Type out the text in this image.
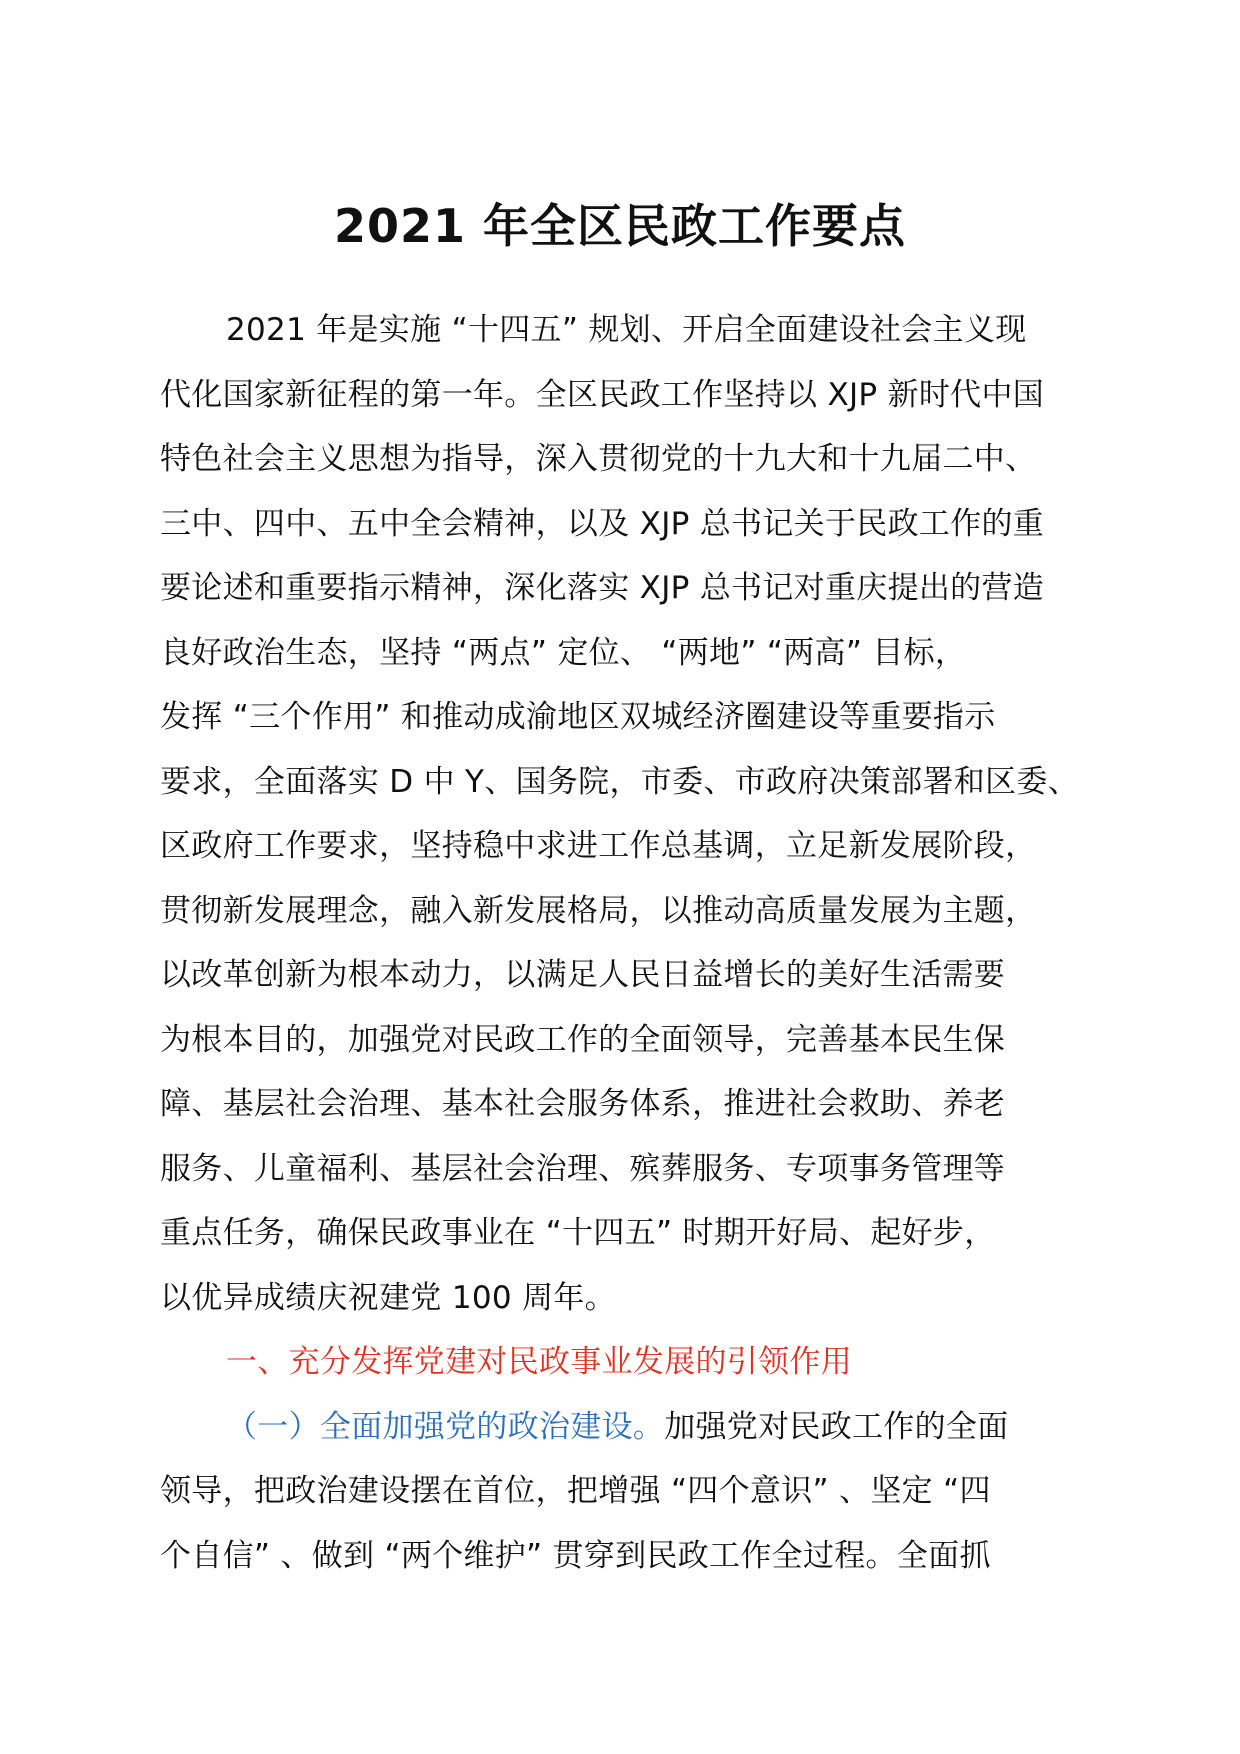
2021 年全区民政工作要点
2021 年是实施 “十四五” 规划、开启全面建设社会主义现
代化国家新征程的第一年。全区民政工作坚持以 XJP 新时代中国
特色社会主义思想为指导，深入贯彻党的十九大和十九届二中、
三中、四中、五中全会精神，以及 XJP 总书记关于民政工作的重
要论述和重要指示精神，深化落实 XJP 总书记对重庆提出的营造
良好政治生态，坚持 “两点” 定位、 “两地” “两高” 目标，
发挥 “三个作用” 和推动成渝地区双城经济圈建设等重要指示
要求，全面落实 D 中 Y、国务院，市委、市政府决策部署和区委、
区政府工作要求，坚持稳中求进工作总基调，立足新发展阶段，
贯彻新发展理念，融入新发展格局，以推动高质量发展为主题，
以改革创新为根本动力，以满足人民日益增长的美好生活需要
为根本目的，加强党对民政工作的全面领导，完善基本民生保
障、基层社会治理、基本社会服务体系，推进社会救助、养老
服务、儿童福利、基层社会治理、殡葬服务、专项事务管理等
重点任务，确保民政事业在 “十四五” 时期开好局、起好步，
以优异成绩庆祝建党 100 周年。
一、充分发挥党建对民政事业发展的引领作用
（一）全面加强党的政治建设。加强党对民政工作的全面
领导，把政治建设摆在首位，把增强 “四个意识” 、坚定 “四
个自信” 、做到 “两个维护” 贯穿到民政工作全过程。全面抓
